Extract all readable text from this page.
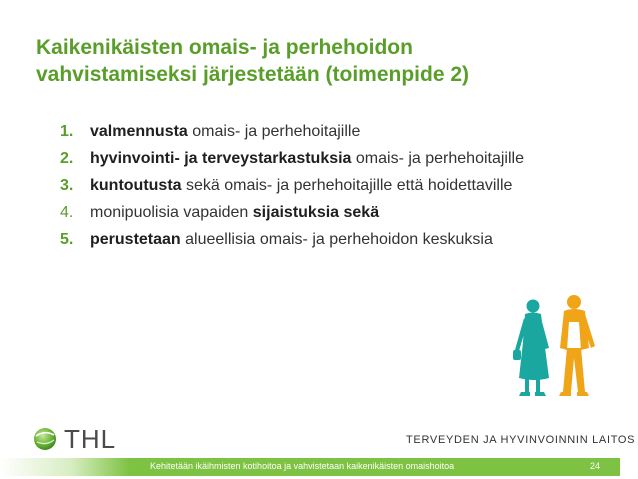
Kaikenikäisten omais- ja perhehoidon
vahvistamiseksi järjestetään (toimenpide 2)
1.	valmennusta omais- ja perhehoitajille
2.	hyvinvointi- ja terveystarkastuksia omais- ja perhehoitajille
3.	kuntoutusta sekä omais- ja perhehoitajille että hoidettaville
4.	monipuolisia vapaiden sijaistuksia sekä
5.	perustetaan alueellisia omais- ja perhehoidon keskuksia
THL	TERVEYDEN JA HYVINVOINNIN LAITOS
Kehitetään ikäihmisten kotihoitoa ja vahvistetaan kaikenikäisten omaishoitoa	24
